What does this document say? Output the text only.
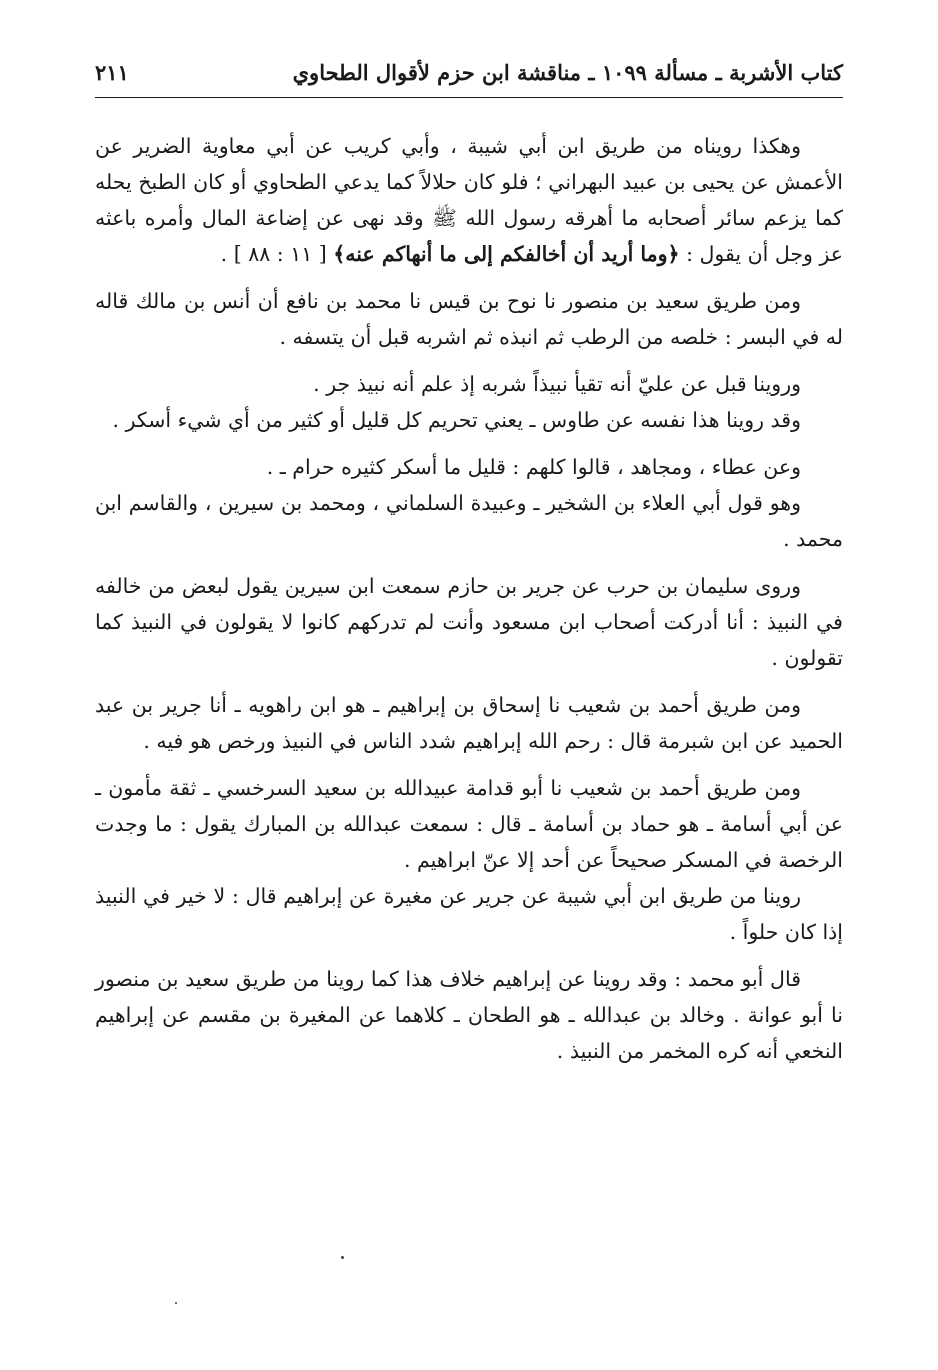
كتاب الأشربة ـ مسألة ١٠٩٩ ـ مناقشة ابن حزم لأقوال الطحاوي
٢١١

وهكذا رويناه من طريق ابن أبي شيبة ، وأبي كريب عن أبي معاوية الضرير عن الأعمش عن يحيى بن عبيد البهراني ؛ فلو كان حلالاً كما يدعي الطحاوي أو كان الطبخ يحله كما يزعم سائر أصحابه ما أهرقه رسول الله ﷺ وقد نهى عن إضاعة المال وأمره باعثه عز وجل أن يقول : ﴿وما أريد أن أخالفكم إلى ما أنهاكم عنه﴾ [ ١١ : ٨٨ ] .

ومن طريق سعيد بن منصور نا نوح بن قيس نا محمد بن نافع أن أنس بن مالك قاله له في البسر : خلصه من الرطب ثم انبذه ثم اشربه قبل أن يتسفه .

وروينا قبل عن عليّ أنه تقيأ نبيذاً شربه إذ علم أنه نبيذ جر .

وقد روينا هذا نفسه عن طاوس ـ يعني تحريم كل قليل أو كثير من أي شيء أسكر .

وعن عطاء ، ومجاهد ، قالوا كلهم : قليل ما أسكر كثيره حرام ـ .

وهو قول أبي العلاء بن الشخير ـ وعبيدة السلماني ، ومحمد بن سيرين ، والقاسم ابن محمد .

وروى سليمان بن حرب عن جرير بن حازم سمعت ابن سيرين يقول لبعض من خالفه في النبيذ : أنا أدركت أصحاب ابن مسعود وأنت لم تدركهم كانوا لا يقولون في النبيذ كما تقولون .

ومن طريق أحمد بن شعيب نا إسحاق بن إبراهيم ـ هو ابن راهويه ـ أنا جرير بن عبد الحميد عن ابن شبرمة قال : رحم الله إبراهيم شدد الناس في النبيذ ورخص هو فيه .

ومن طريق أحمد بن شعيب نا أبو قدامة عبيدالله بن سعيد السرخسي ـ ثقة مأمون ـ عن أبي أسامة ـ هو حماد بن أسامة ـ قال : سمعت عبدالله بن المبارك يقول : ما وجدت الرخصة في المسكر صحيحاً عن أحد إلا عنّ ابراهيم .

روينا من طريق ابن أبي شيبة عن جرير عن مغيرة عن إبراهيم قال : لا خير في النبيذ إذا كان حلواً .

قال أبو محمد : وقد روينا عن إبراهيم خلاف هذا كما روينا من طريق سعيد بن منصور نا أبو عوانة . وخالد بن عبدالله ـ هو الطحان ـ كلاهما عن المغيرة بن مقسم عن إبراهيم النخعي أنه كره المخمر من النبيذ .
